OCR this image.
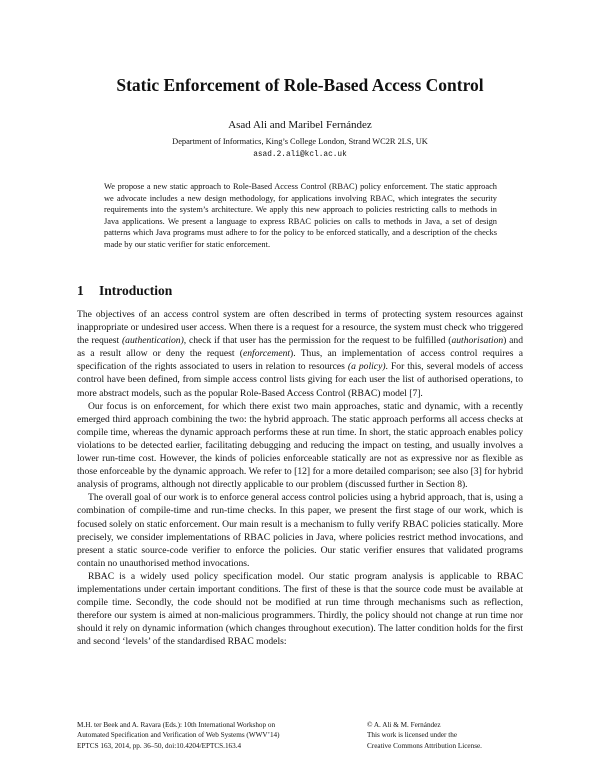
Static Enforcement of Role-Based Access Control
Asad Ali and Maribel Fernández
Department of Informatics, King’s College London, Strand WC2R 2LS, UK
asad.2.ali@kcl.ac.uk
We propose a new static approach to Role-Based Access Control (RBAC) policy enforcement. The static approach we advocate includes a new design methodology, for applications involving RBAC, which integrates the security requirements into the system’s architecture. We apply this new approach to policies restricting calls to methods in Java applications. We present a language to express RBAC policies on calls to methods in Java, a set of design patterns which Java programs must adhere to for the policy to be enforced statically, and a description of the checks made by our static verifier for static enforcement.
1 Introduction

The objectives of an access control system are often described in terms of protecting system resources against inappropriate or undesired user access. When there is a request for a resource, the system must check who triggered the request (authentication), check if that user has the permission for the request to be fulfilled (authorisation) and as a result allow or deny the request (enforcement). Thus, an implementation of access control requires a specification of the rights associated to users in relation to resources (a policy). For this, several models of access control have been defined, from simple access control lists giving for each user the list of authorised operations, to more abstract models, such as the popular Role-Based Access Control (RBAC) model [7].

Our focus is on enforcement, for which there exist two main approaches, static and dynamic, with a recently emerged third approach combining the two: the hybrid approach. The static approach performs all access checks at compile time, whereas the dynamic approach performs these at run time. In short, the static approach enables policy violations to be detected earlier, facilitating debugging and reducing the impact on testing, and usually involves a lower run-time cost. However, the kinds of policies enforceable statically are not as expressive nor as flexible as those enforceable by the dynamic approach. We refer to [12] for a more detailed comparison; see also [3] for hybrid analysis of programs, although not directly applicable to our problem (discussed further in Section 8).

The overall goal of our work is to enforce general access control policies using a hybrid approach, that is, using a combination of compile-time and run-time checks. In this paper, we present the first stage of our work, which is focused solely on static enforcement. Our main result is a mechanism to fully verify RBAC policies statically. More precisely, we consider implementations of RBAC policies in Java, where policies restrict method invocations, and present a static source-code verifier to enforce the policies. Our static verifier ensures that validated programs contain no unauthorised method invocations.

RBAC is a widely used policy specification model. Our static program analysis is applicable to RBAC implementations under certain important conditions. The first of these is that the source code must be available at compile time. Secondly, the code should not be modified at run time through mechanisms such as reflection, therefore our system is aimed at non-malicious programmers. Thirdly, the policy should not change at run time nor should it rely on dynamic information (which changes throughout execution). The latter condition holds for the first and second ‘levels’ of the standardised RBAC models:

M.H. ter Beek and A. Ravara (Eds.): 10th International Workshop on
Automated Specification and Verification of Web Systems (WWV’14)
EPTCS 163, 2014, pp. 36–50, doi:10.4204/EPTCS.163.4
© A. Ali & M. Fernández
This work is licensed under the
Creative Commons Attribution License.
